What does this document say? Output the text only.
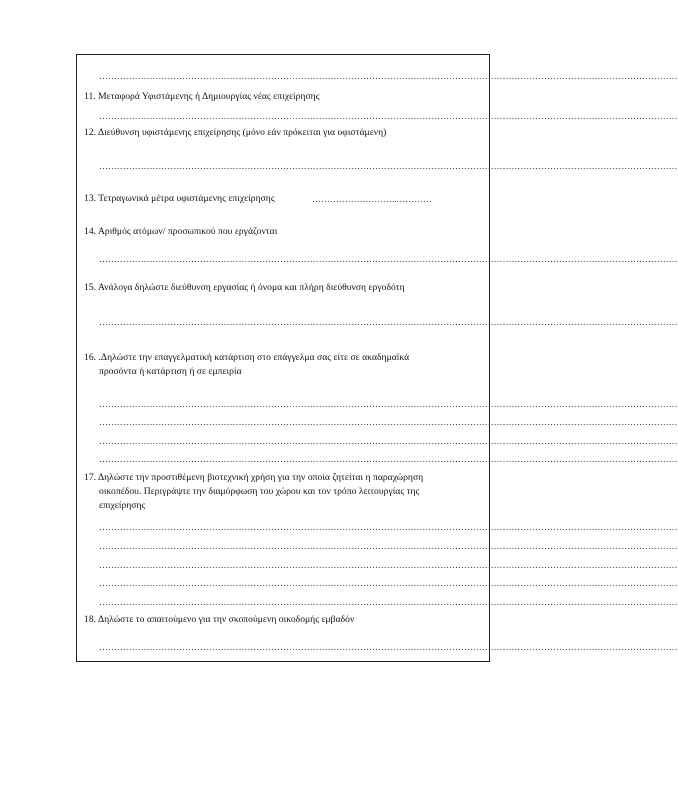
……………………………………………………………………………………………………………………………………………………………………………
11. Μεταφορά Υφιστάμενης ή Δημιουργίας νέας επιχείρησης
……………………………………………………………………………………………………………………………………………………………………………
12. Διεύθυνση υφιστάμενης επιχείρησης (μόνο εάν πρόκειται για υφιστάμενη)
……………………………………………………………………………………………………………………………………………………………………………
13. Τετραγωνικά μέτρα υφιστάμενης επιχείρησης	………………………..…………
14. Αριθμός ατόμων/ προσωπικού που εργάζονται
……………………………………………………………………………………………………………………………………………………………………………
15. Ανάλογα δηλώστε διεύθυνση εργασίας ή όνομα και πλήρη διεύθυνση εργοδότη
……………………………………………………………………………………………………………………………………………………………………………
16. .Δηλώστε την επαγγελματική κατάρτιση στο επάγγελμα σας είτε σε ακαδημαϊκά
προσόντα ή κατάρτιση ή σε εμπειρία
……………………………………………………………………………………………………………………………………………………………………………
……………………………………………………………………………………………………………………………………………………………………………
……………………………………………………………………………………………………………………………………………………………………………
……………………………………………………………………………………………………………………………………………………………………………
17. Δηλώστε την προστιθέμενη βιοτεχνική χρήση για την οποία ζητείται η παραχώρηση
οικοπέδου. Περιγράψτε την διαμόρφωση του χώρου και τον τρόπο λειτουργίας της
επιχείρησης
……………………………………………………………………………………………………………………………………………………………………………
……………………………………………………………………………………………………………………………………………………………………………
……………………………………………………………………………………………………………………………………………………………………………
……………………………………………………………………………………………………………………………………………………………………………
……………………………………………………………………………………………………………………………………………………………………………
18. Δηλώστε το απαιτούμενο για την σκοπούμενη οικοδομής εμβαδόν
……………………………………………………………………………………………………………………………………………………………………………
